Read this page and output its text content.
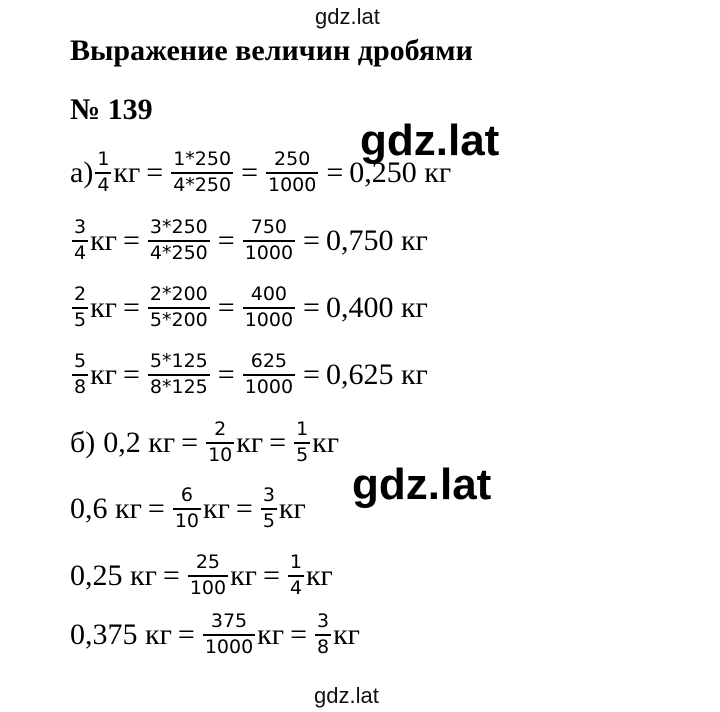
gdz.lat
Выражение величин дробями
№ 139
$а) \frac{1}{4}$ кг = $\frac{1*250}{4*250} = \frac{250}{1000} = 0,250$ кг
$\frac{3}{4}$ кг = $\frac{3*250}{4*250} = \frac{750}{1000} = 0,750$ кг
$\frac{2}{5}$ кг = $\frac{2*200}{5*200} = \frac{400}{1000} = 0,400$ кг
$\frac{5}{8}$ кг = $\frac{5*125}{8*125} = \frac{625}{1000} = 0,625$ кг
б) 0,2 кг = $\frac{2}{10}$ кг = $\frac{1}{5}$ кг
0,6 кг = $\frac{6}{10}$ кг = $\frac{3}{5}$ кг
0,25 кг = $\frac{25}{100}$ кг = $\frac{1}{4}$ кг
0,375 кг = $\frac{375}{1000}$ кг = $\frac{3}{8}$ кг
gdz.lat
gdz.lat
gdz.lat
